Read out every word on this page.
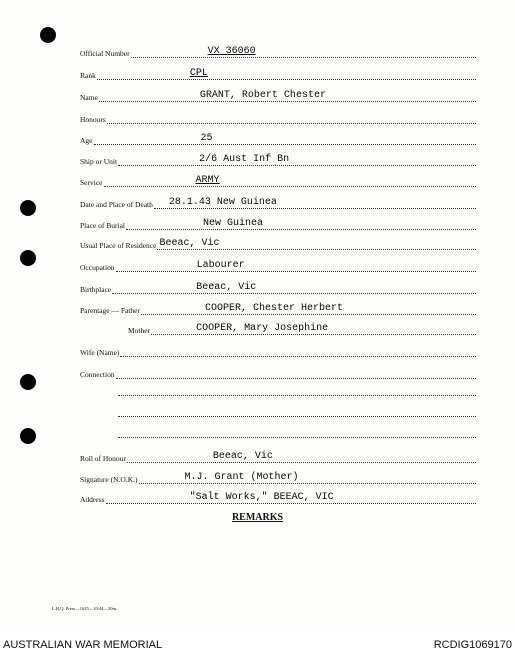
Official Number	VX 36060
Rank	CPL
Name	GRANT, Robert Chester
Honours
Age	25
Ship or Unit	2/6 Aust Inf Bn
Service	ARMY
Date and Place of Death 28.1.43 New Guinea
Place of Burial	New Guinea
Usual Place of Residence Beeac, Vic
Occupation	Labourer
Birthplace	Beeac, Vic
Parentage — Father	COOPER, Chester Herbert
Mother	COOPER, Mary Josephine
Wife (Name)
Connection
Roll of Honour	Beeac, Vic
Signature (N.O.K.)	M.J. Grant (Mother)
Address	"Salt Works," BEEAC, VIC
REMARKS
L.H.Q. Press—1625—10/44—20m.
AUSTRALIAN WAR MEMORIAL	RCDIG1069170
